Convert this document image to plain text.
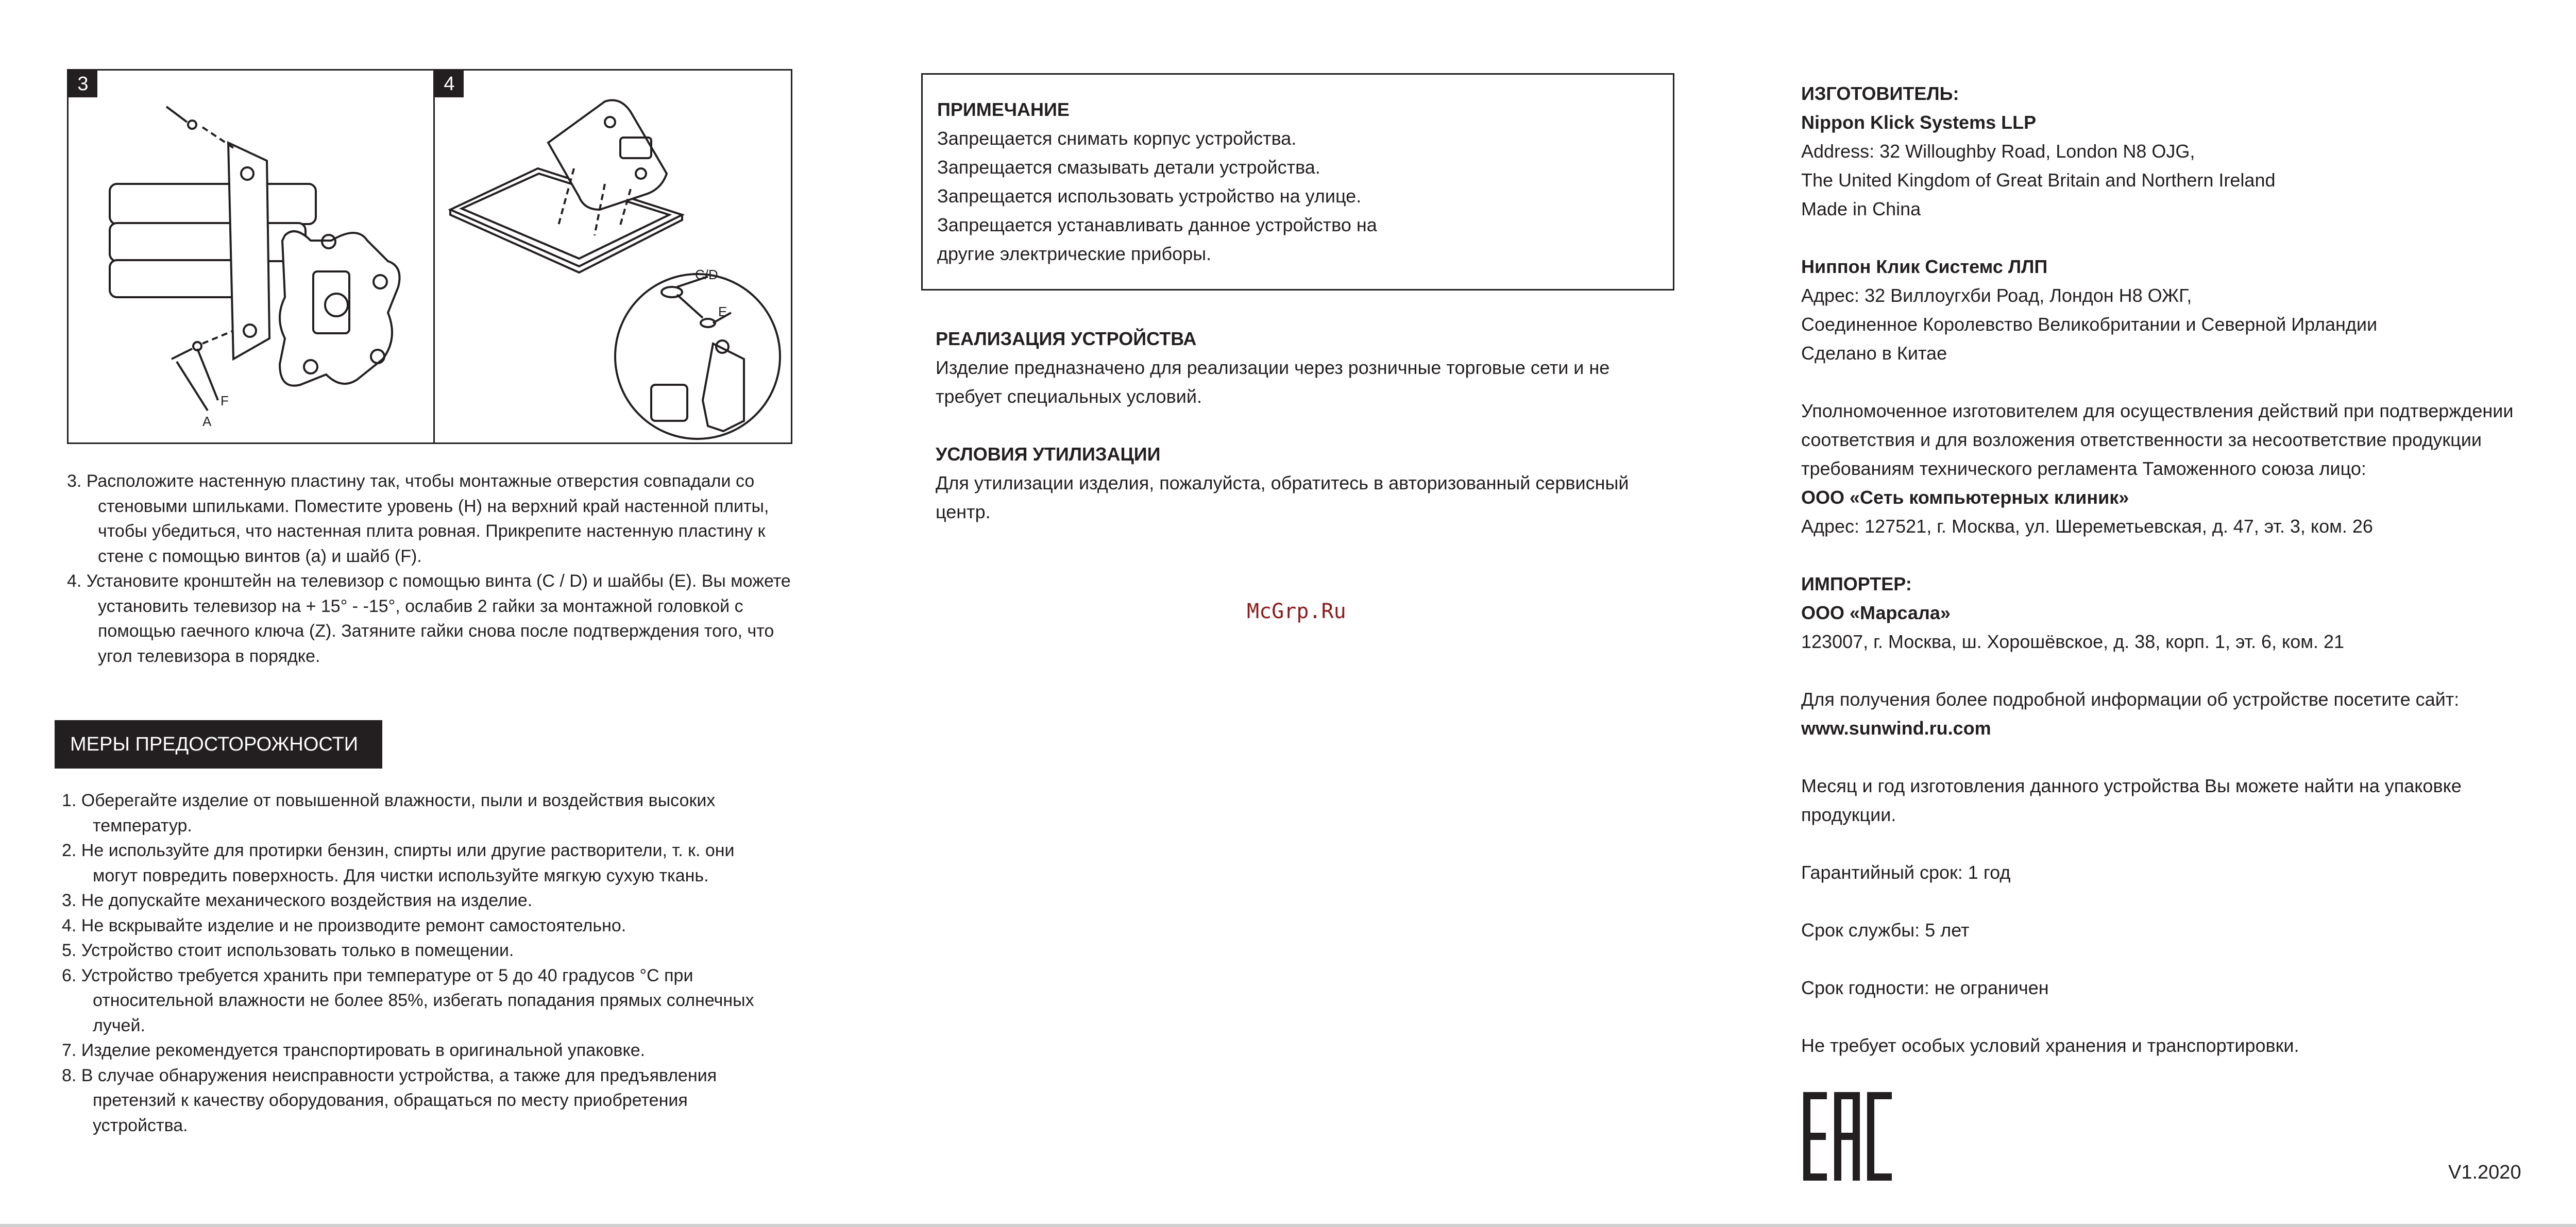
3
F
A
4
C/D
E

3. Расположите настенную пластину так, чтобы монтажные отверстия совпадали со стеновыми шпильками. Поместите уровень (H) на верхний край настенной плиты, чтобы убедиться, что настенная плита ровная. Прикрепите настенную пластину к стене с помощью винтов (a) и шайб (F).

4. Установите кронштейн на телевизор с помощью винта (C / D) и шайбы (E). Вы можете установить телевизор на + 15° - -15°, ослабив 2 гайки за монтажной головкой с помощью гаечного ключа (Z). Затяните гайки снова после подтверждения того, что угол телевизора в порядке.

МЕРЫ ПРЕДОСТОРОЖНОСТИ

1. Оберегайте изделие от повышенной влажности, пыли и воздействия высоких температур.

2. Не используйте для протирки бензин, спирты или другие растворители, т. к. они могут повредить поверхность. Для чистки используйте мягкую сухую ткань.

3. Не допускайте механического воздействия на изделие.

4. Не вскрывайте изделие и не производите ремонт самостоятельно.

5. Устройство стоит использовать только в помещении.

6. Устройство требуется хранить при температуре от 5 до 40 градусов °C при относительной влажности не более 85%, избегать попадания прямых солнечных лучей.

7. Изделие рекомендуется транспортировать в оригинальной упаковке.

8. В случае обнаружения неисправности устройства, а также для предъявления претензий к качеству оборудования, обращаться по месту приобретения устройства.

ПРИМЕЧАНИЕ
Запрещается снимать корпус устройства.
Запрещается смазывать детали устройства.
Запрещается использовать устройство на улице.
Запрещается устанавливать данное устройство на
другие электрические приборы.
РЕАЛИЗАЦИЯ УСТРОЙСТВА
Изделие предназначено для реализации через розничные торговые сети и не
требует специальных условий.
УСЛОВИЯ УТИЛИЗАЦИИ
Для утилизации изделия, пожалуйста, обратитесь в авторизованный сервисный
центр.
McGrp.Ru
ИЗГОТОВИТЕЛЬ:
Nippon Klick Systems LLP
Address: 32 Willoughby Road, London N8 OJG,
The United Kingdom of Great Britain and Northern Ireland
Made in China
Ниппон Клик Системс ЛЛП
Адрес: 32 Виллоугхби Роад, Лондон Н8 ОЖГ,
Соединенное Королевство Великобритании и Северной Ирландии
Сделано в Китае
Уполномоченное изготовителем для осуществления действий при подтверждении
соответствия и для возложения ответственности за несоответствие продукции
требованиям технического регламента Таможенного союза лицо:
ООО «Сеть компьютерных клиник»
Адрес: 127521, г. Москва, ул. Шереметьевская, д. 47, эт. 3, ком. 26
ИМПОРТЕР:
ООО «Марсала»
123007, г. Москва, ш. Хорошёвское, д. 38, корп. 1, эт. 6, ком. 21
Для получения более подробной информации об устройстве посетите сайт:
www.sunwind.ru.com
Месяц и год изготовления данного устройства Вы можете найти на упаковке
продукции.
Гарантийный срок: 1 год
Срок службы: 5 лет
Срок годности: не ограничен
Не требует особых условий хранения и транспортировки.
V1.2020
